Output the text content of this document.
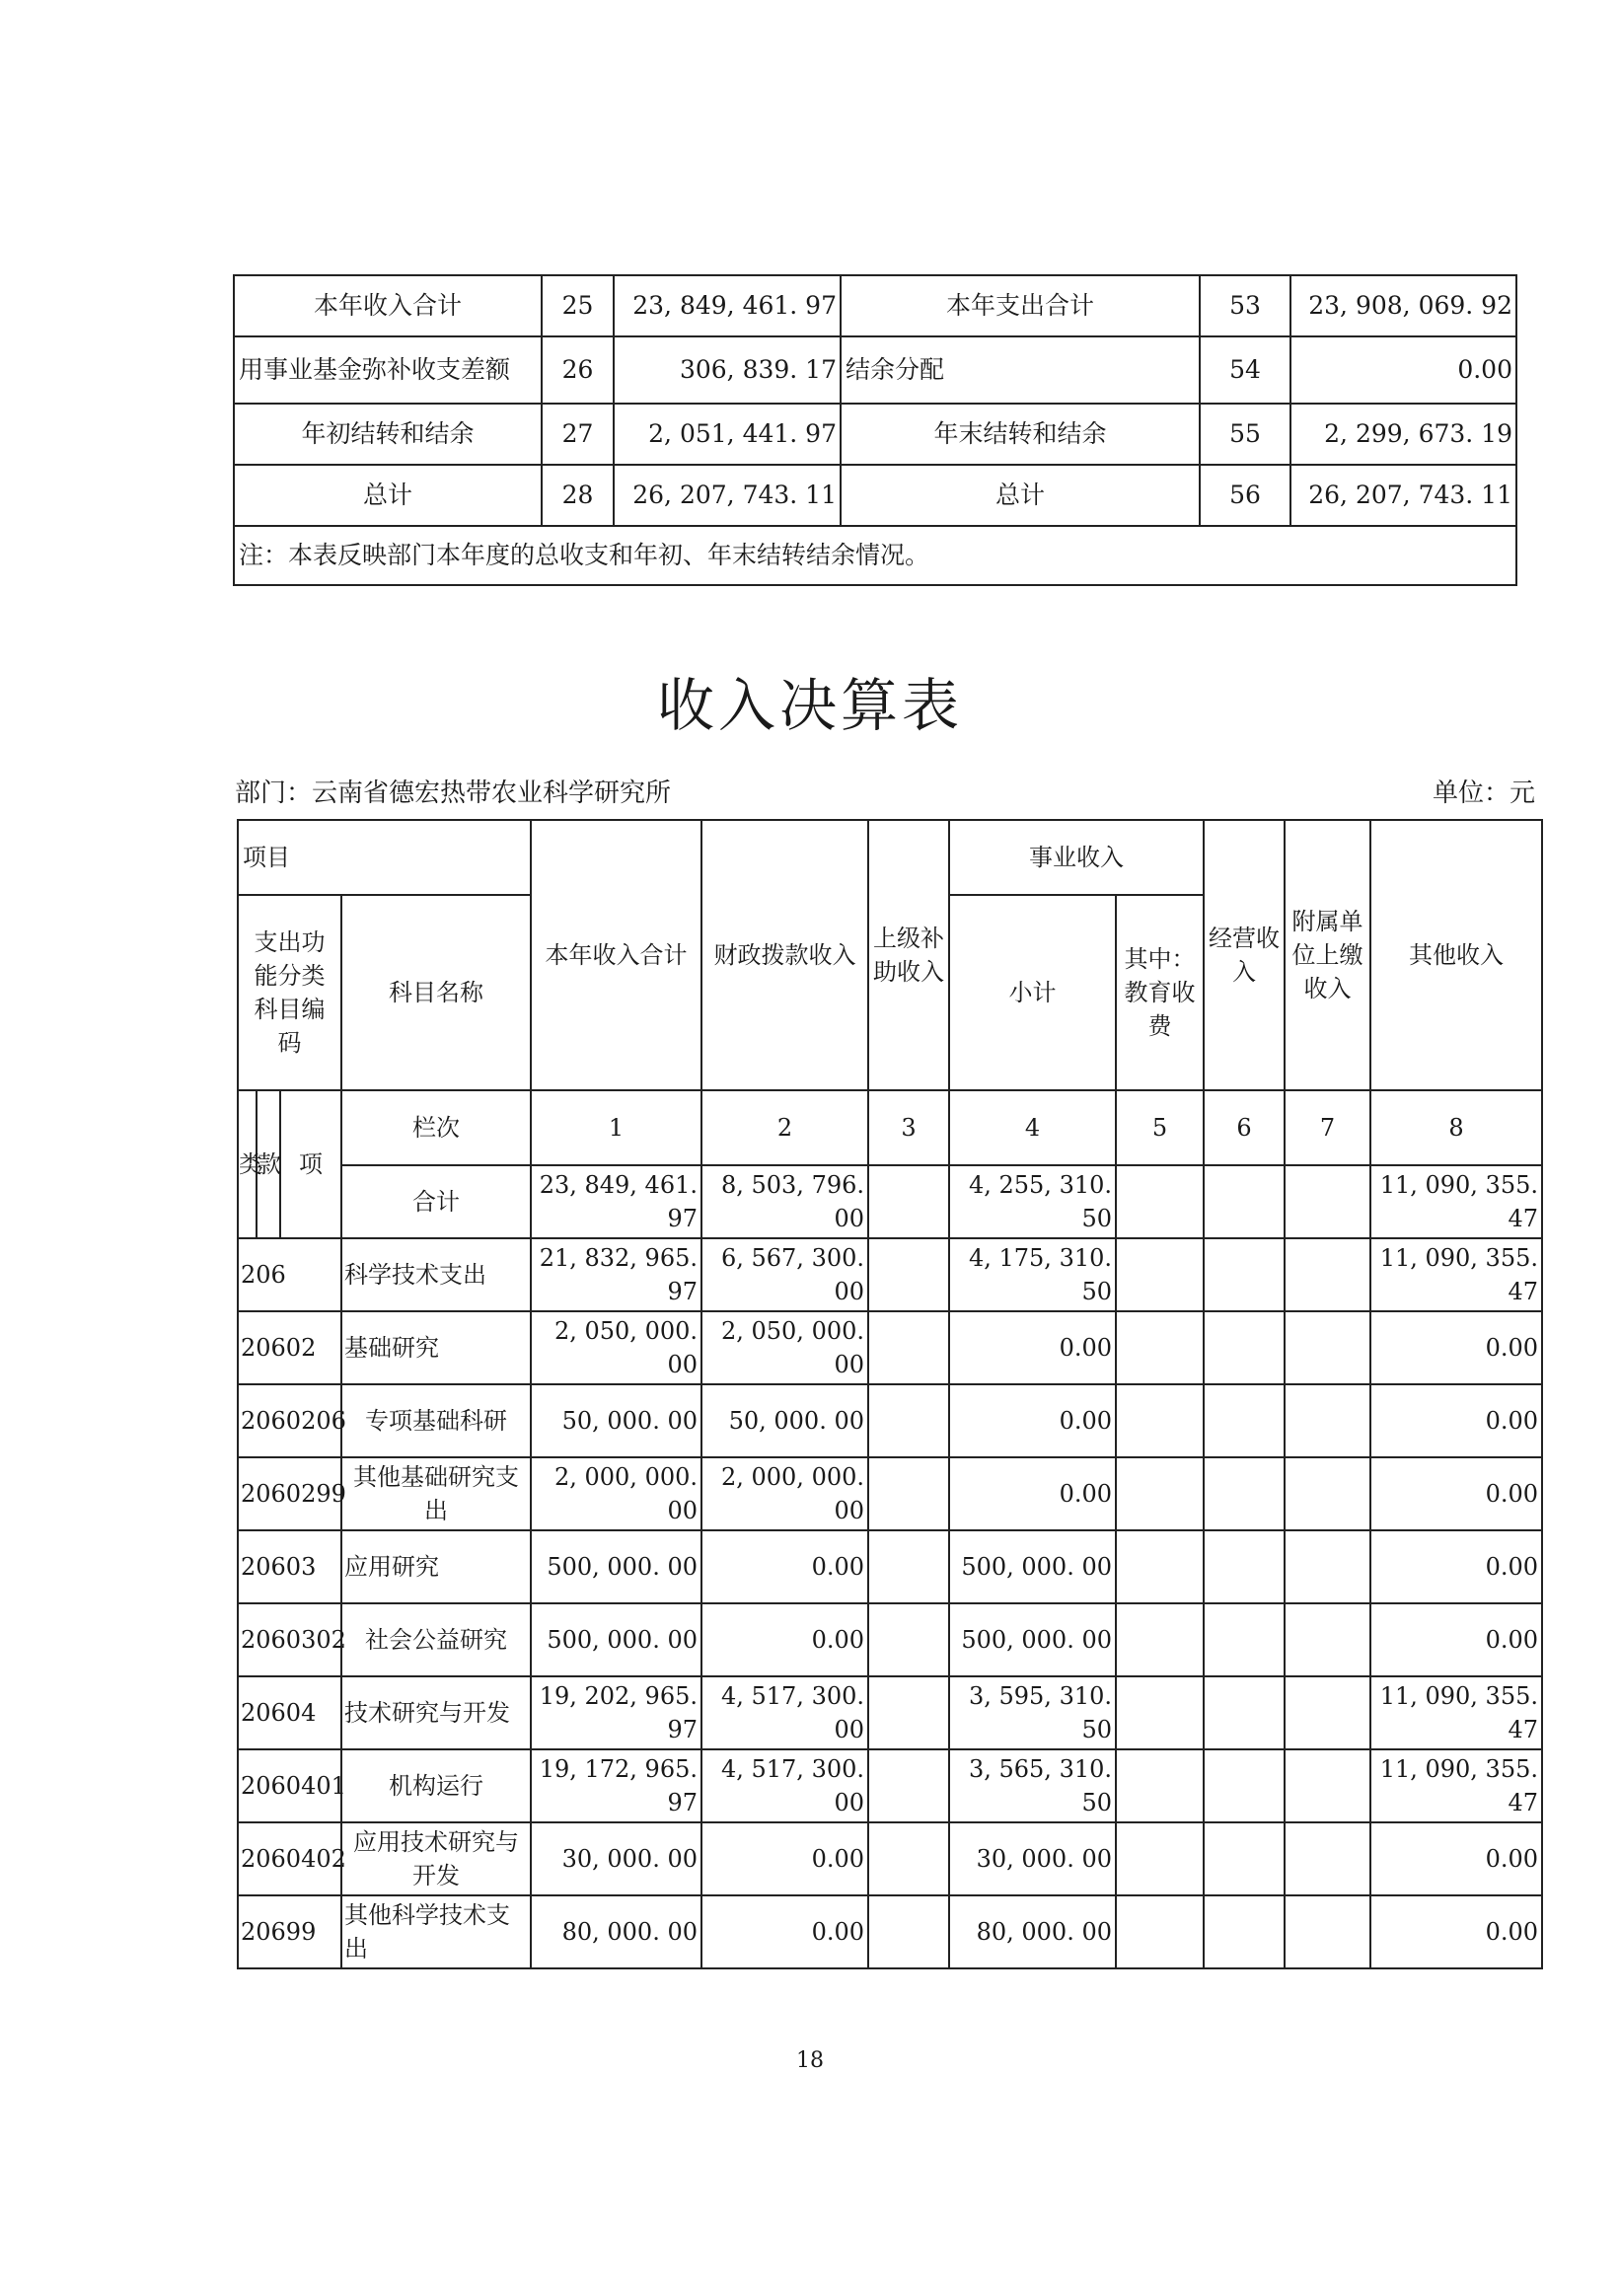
本年收入合计	25	23, 849, 461. 97	本年支出合计	53	23, 908, 069. 92
用事业基金弥补收支差额	26	306, 839. 17	结余分配	54	0.00
年初结转和结余	27	2, 051, 441. 97	年末结转和结余	55	2, 299, 673. 19
总计	28	26, 207, 743. 11	总计	56	26, 207, 743. 11
注：本表反映部门本年度的总收支和年初、年末结转结余情况。					
收入决算表
部门：云南省德宏热带农业科学研究所	单位：元
项目				本年收入合计	财政拨款收入	上级补助收入	事业收入		经营收入	附属单位上缴收入	其他收入
支出功能分类科目编码			科目名称				小计	其中：教育收费			
类	款	项	栏次	1	2	3	4	5	6	7	8
			合计	23, 849, 461. 97	8, 503, 796. 00		4, 255, 310. 50				11, 090, 355. 47
206			科学技术支出	21, 832, 965. 97	6, 567, 300. 00		4, 175, 310. 50				11, 090, 355. 47
20602			基础研究	2, 050, 000. 00	2, 050, 000. 00		0.00				0.00
2060206			专项基础科研	50, 000. 00	50, 000. 00		0.00				0.00
2060299			其他基础研究支出	2, 000, 000. 00	2, 000, 000. 00		0.00				0.00
20603			应用研究	500, 000. 00	0.00		500, 000. 00				0.00
2060302			社会公益研究	500, 000. 00	0.00		500, 000. 00				0.00
20604			技术研究与开发	19, 202, 965. 97	4, 517, 300. 00		3, 595, 310. 50				11, 090, 355. 47
2060401			机构运行	19, 172, 965. 97	4, 517, 300. 00		3, 565, 310. 50				11, 090, 355. 47
2060402			应用技术研究与开发	30, 000. 00	0.00		30, 000. 00				0.00
20699			其他科学技术支出	80, 000. 00	0.00		80, 000. 00				0.00
18
